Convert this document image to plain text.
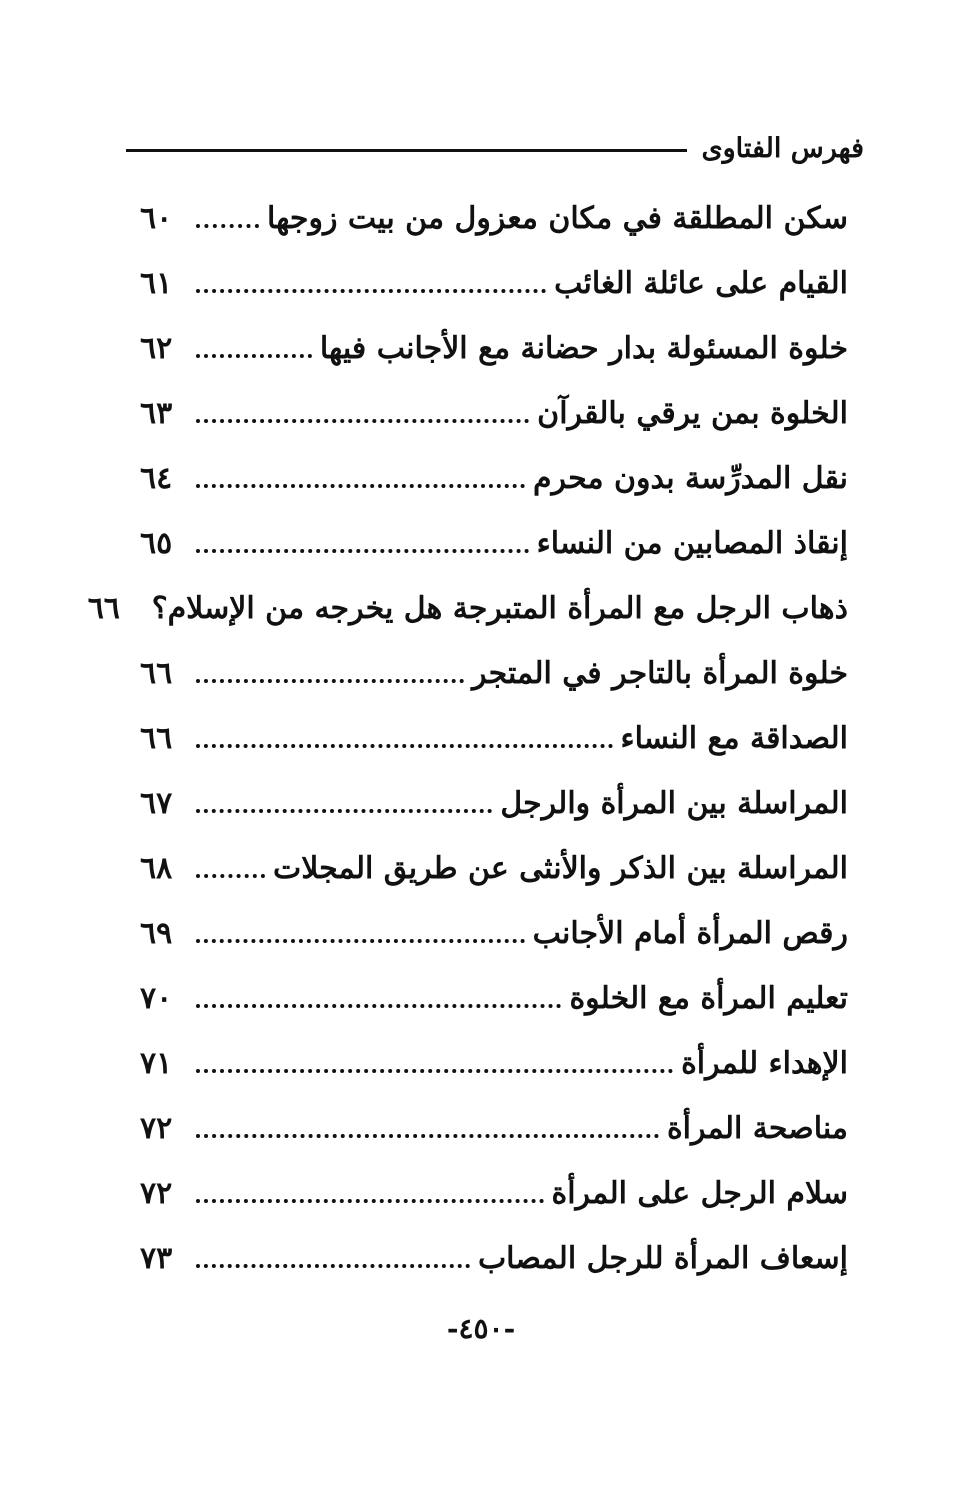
فهرس الفتاوى
سكن المطلقة في مكان معزول من بيت زوجها
٦٠
القيام على عائلة الغائب
٦١
خلوة المسئولة بدار حضانة مع الأجانب فيها
٦٢
الخلوة بمن يرقي بالقرآن
٦٣
نقل المدرِّسة بدون محرم
٦٤
إنقاذ المصابين من النساء
٦٥
ذهاب الرجل مع المرأة المتبرجة هل يخرجه من الإسلام؟
٦٦
خلوة المرأة بالتاجر في المتجر
٦٦
الصداقة مع النساء
٦٦
المراسلة بين المرأة والرجل
٦٧
المراسلة بين الذكر والأنثى عن طريق المجلات
٦٨
رقص المرأة أمام الأجانب
٦٩
تعليم المرأة مع الخلوة
٧٠
الإهداء للمرأة
٧١
مناصحة المرأة
٧٢
سلام الرجل على المرأة
٧٢
إسعاف المرأة للرجل المصاب
٧٣
-٤٥٠-
